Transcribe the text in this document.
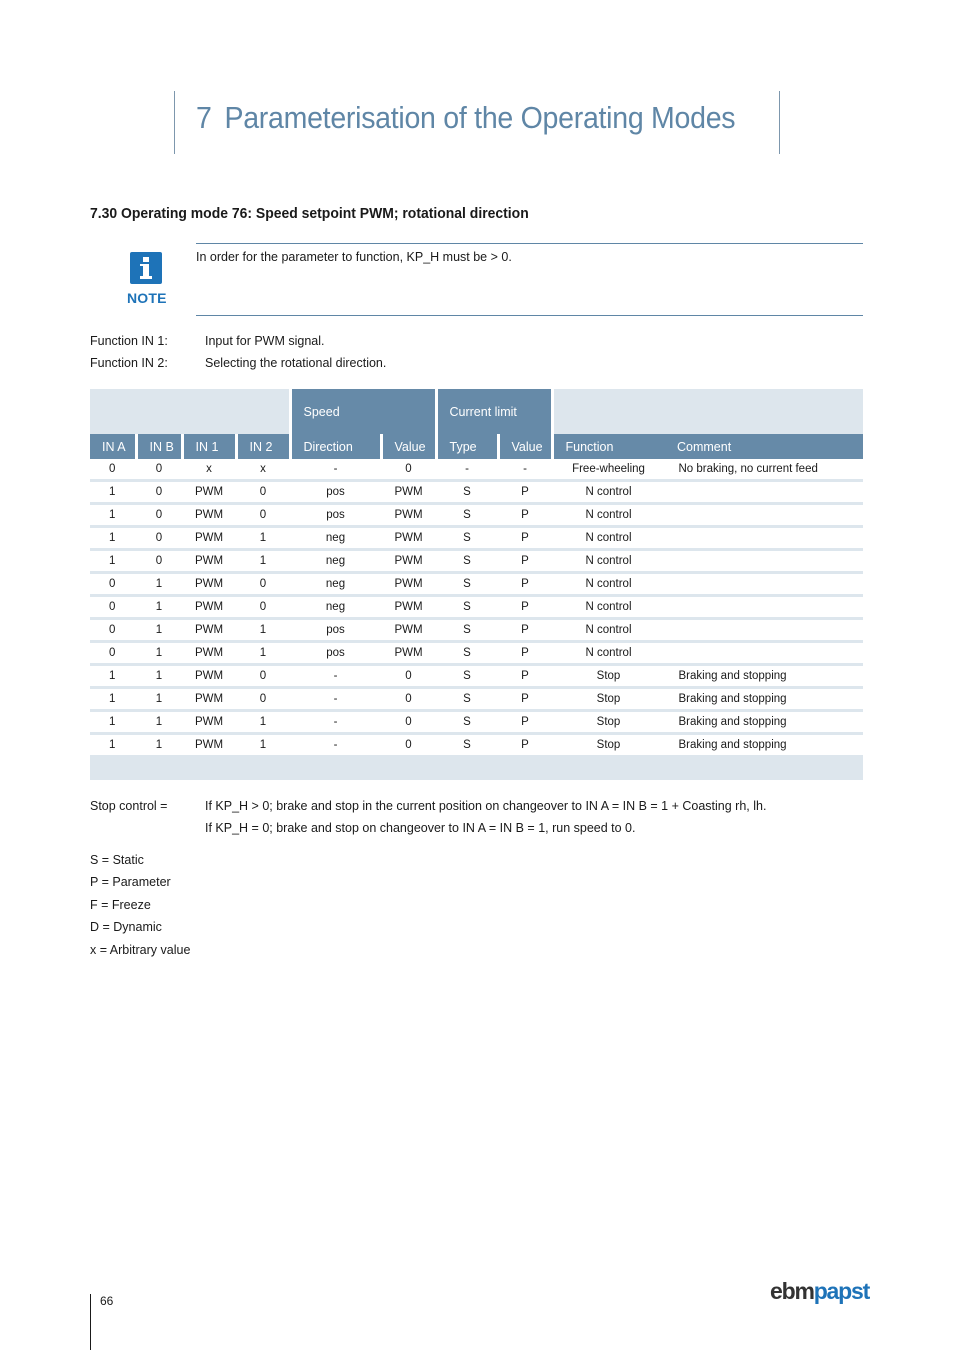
7 Parameterisation of the Operating Modes
7.30 Operating mode 76: Speed setpoint PWM; rotational direction
NOTE
In order for the parameter to function, KP_H must be > 0.
Function IN 1:	Input for PWM signal.
Function IN 2:	Selecting the rotational direction.
				Speed		Current limit			
IN A	IN B	IN 1	IN 2	Direction	Value	Type	Value	Function	Comment
0	0	x	x	-	0	-	-	Free-wheeling	No braking, no current feed
1	0	PWM	0	pos	PWM	S	P	N control	
1	0	PWM	0	pos	PWM	S	P	N control	
1	0	PWM	1	neg	PWM	S	P	N control	
1	0	PWM	1	neg	PWM	S	P	N control	
0	1	PWM	0	neg	PWM	S	P	N control	
0	1	PWM	0	neg	PWM	S	P	N control	
0	1	PWM	1	pos	PWM	S	P	N control	
0	1	PWM	1	pos	PWM	S	P	N control	
1	1	PWM	0	-	0	S	P	Stop	Braking and stopping
1	1	PWM	0	-	0	S	P	Stop	Braking and stopping
1	1	PWM	1	-	0	S	P	Stop	Braking and stopping
1	1	PWM	1	-	0	S	P	Stop	Braking and stopping
Stop control =	If KP_H > 0; brake and stop in the current position on changeover to IN A = IN B = 1 + Coasting rh, lh.
If KP_H = 0; brake and stop on changeover to IN A = IN B = 1, run speed to 0.
S = Static
P = Parameter
F = Freeze
D = Dynamic
x = Arbitrary value
66	ebmpapst
